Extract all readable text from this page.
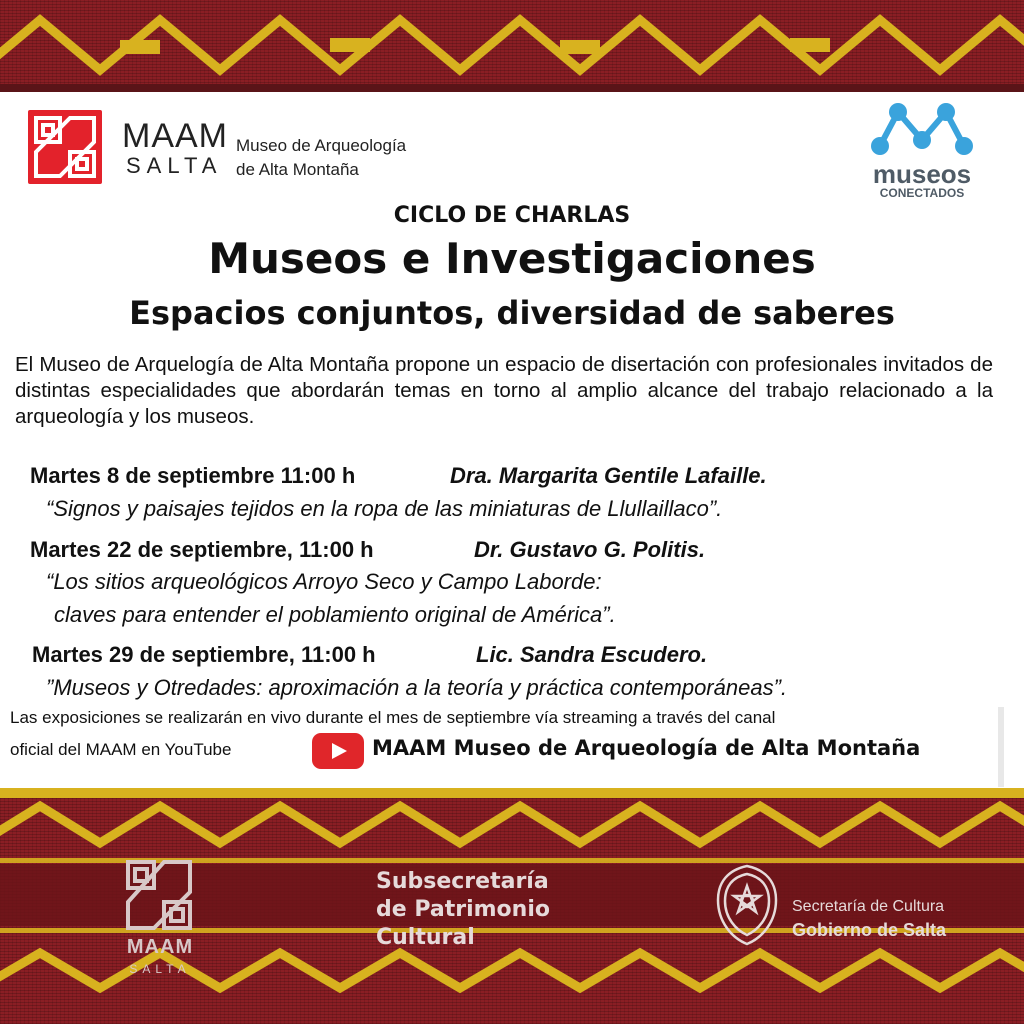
MAAM
SALTA
Museo de Arqueología
de Alta Montaña	museos
CONECTADOS
CICLO DE CHARLAS
Museos e Investigaciones
Espacios conjuntos, diversidad de saberes
El Museo de Arquelogía de Alta Montaña propone un espacio de disertación con profesionales invitados de distintas especialidades que abordarán temas en torno al amplio alcance del trabajo relacionado a la arqueología y los museos.
Martes 8 de septiembre 11:00 h	Dra. Margarita Gentile Lafaille.
“Signos y paisajes tejidos en la ropa de las miniaturas de Llullaillaco”.
Martes 22 de septiembre, 11:00 h	Dr. Gustavo G. Politis.
“Los sitios arqueológicos Arroyo Seco y Campo Laborde:
claves para entender el poblamiento original de América”.
Martes 29 de septiembre, 11:00 h	Lic. Sandra Escudero.
”Museos y Otredades: aproximación a la teoría y práctica contemporáneas”.
Las exposiciones se realizarán en vivo durante el mes de septiembre vía streaming a través del canal
oficial del MAAM en YouTube	MAAM Museo de Arqueología de Alta Montaña
MAAM
SALTA
Subsecretaría
de Patrimonio
Cultural
Secretaría de Cultura
Gobierno de Salta
